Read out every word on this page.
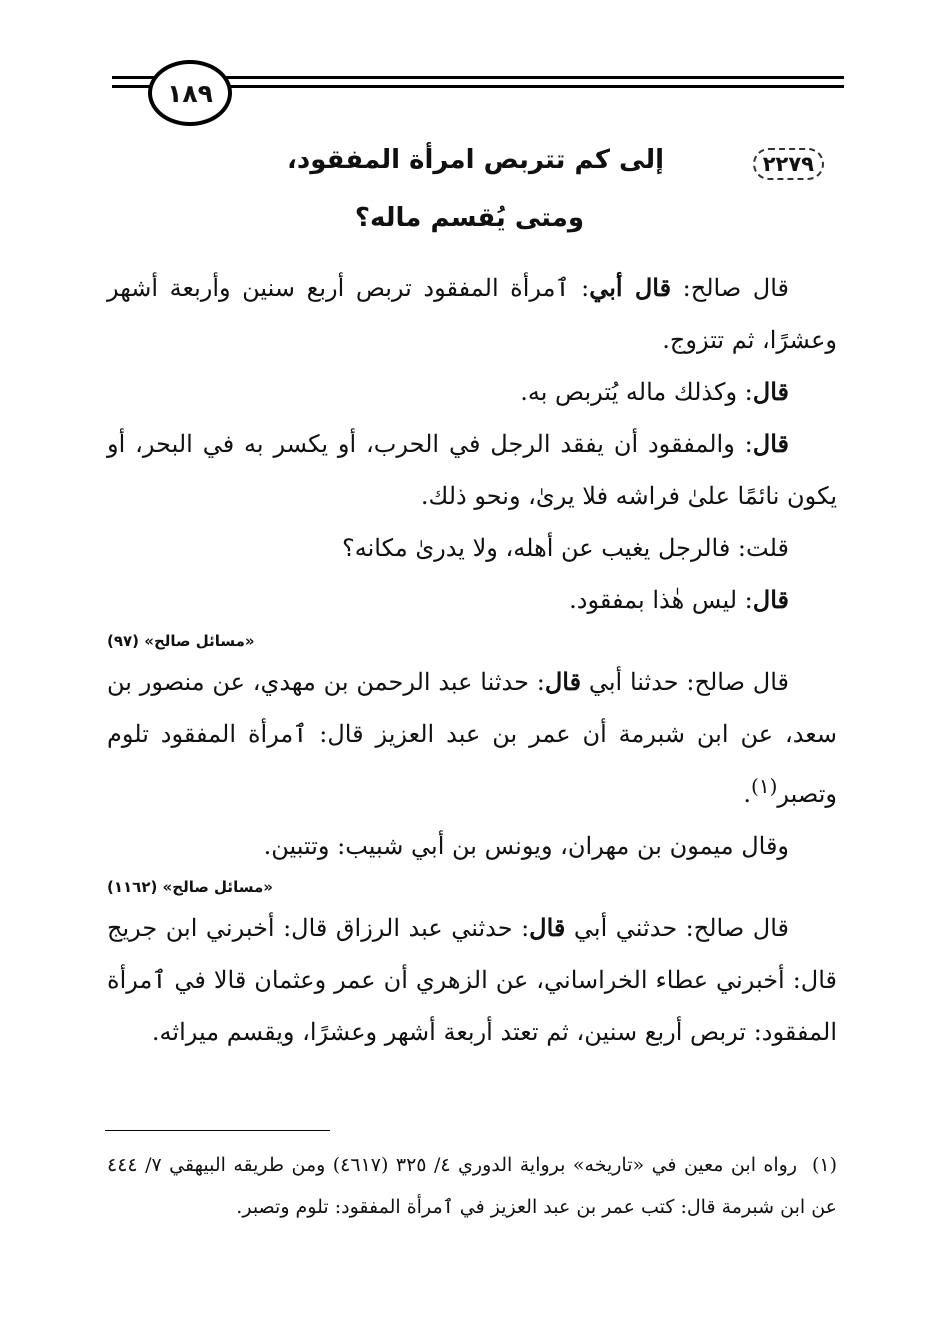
١٨٩
٢٢٧٩
إلى كم تتربص امرأة المفقود،
ومتى يُقسم ماله؟

قال صالح: قال أبي: ٱمرأة المفقود تربص أربع سنين وأربعة أشهر وعشرًا، ثم تتزوج.

قال: وكذلك ماله يُتربص به.

قال: والمفقود أن يفقد الرجل في الحرب، أو يكسر به في البحر، أو يكون نائمًا علىٰ فراشه فلا يرىٰ، ونحو ذلك.

قلت: فالرجل يغيب عن أهله، ولا يدرىٰ مكانه؟

قال: ليس هٰذا بمفقود.

«مسائل صالح» (٩٧)

قال صالح: حدثنا أبي قال: حدثنا عبد الرحمن بن مهدي، عن منصور بن سعد، عن ابن شبرمة أن عمر بن عبد العزيز قال: ٱمرأة المفقود تلوم وتصبر$^{(١)}$.

وقال ميمون بن مهران، ويونس بن أبي شبيب: وتتبين.

«مسائل صالح» (١١٦٢)

قال صالح: حدثني أبي قال: حدثني عبد الرزاق قال: أخبرني ابن جريج قال: أخبرني عطاء الخراساني، عن الزهري أن عمر وعثمان قالا في ٱمرأة المفقود: تربص أربع سنين، ثم تعتد أربعة أشهر وعشرًا، ويقسم ميراثه.

(١)رواه ابن معين في «تاريخه» برواية الدوري ٤/ ٣٢٥ (٤٦١٧) ومن طريقه البيهقي ٧/ ٤٤٤ عن ابن شبرمة قال: كتب عمر بن عبد العزيز في ٱمرأة المفقود: تلوم وتصبر.
